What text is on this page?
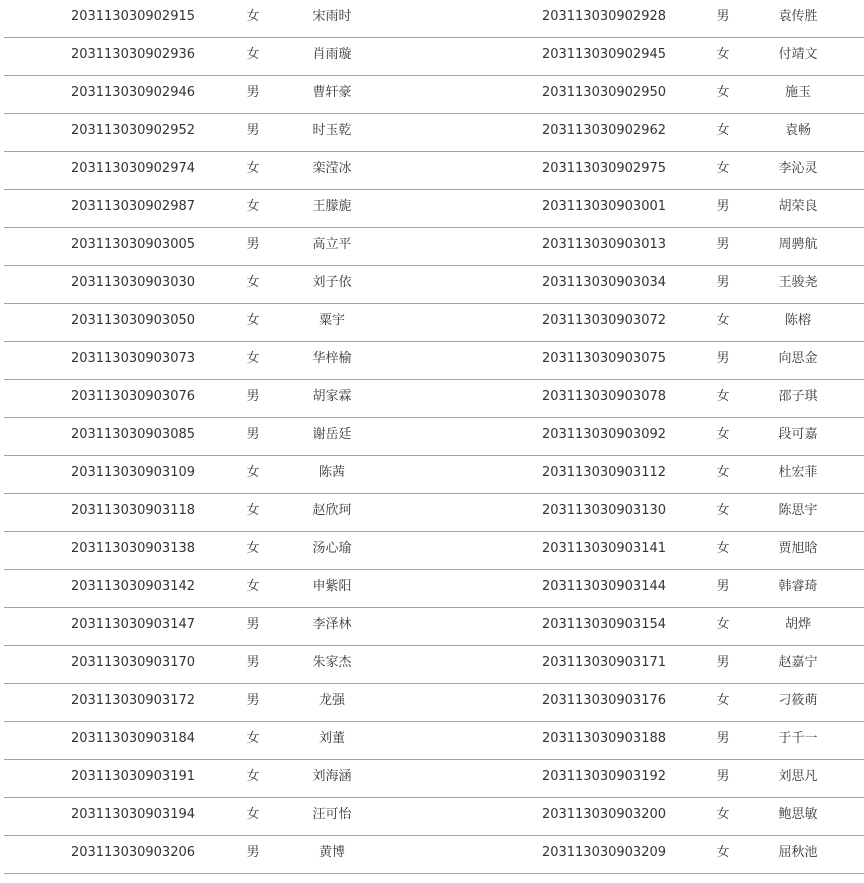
203113030902915	女	宋雨时	203113030902928	男	袁传胜
203113030902936	女	肖雨璇	203113030902945	女	付靖文
203113030902946	男	曹轩豪	203113030902950	女	施玉
203113030902952	男	时玉乾	203113030902962	女	袁畅
203113030902974	女	栾滢冰	203113030902975	女	李沁灵
203113030902987	女	王朦旎	203113030903001	男	胡荣良
203113030903005	男	高立平	203113030903013	男	周骋航
203113030903030	女	刘子依	203113030903034	男	王骏尧
203113030903050	女	粟宇	203113030903072	女	陈榕
203113030903073	女	华梓榆	203113030903075	男	向思金
203113030903076	男	胡家霖	203113030903078	女	邵子琪
203113030903085	男	谢岳廷	203113030903092	女	段可嘉
203113030903109	女	陈茜	203113030903112	女	杜宏菲
203113030903118	女	赵欣珂	203113030903130	女	陈思宇
203113030903138	女	汤心瑜	203113030903141	女	贾旭晗
203113030903142	女	申紫阳	203113030903144	男	韩睿琦
203113030903147	男	李泽林	203113030903154	女	胡烨
203113030903170	男	朱家杰	203113030903171	男	赵嘉宁
203113030903172	男	龙强	203113030903176	女	刁筱萌
203113030903184	女	刘董	203113030903188	男	于千一
203113030903191	女	刘海涵	203113030903192	男	刘思凡
203113030903194	女	汪可怡	203113030903200	女	鲍思敏
203113030903206	男	黄博	203113030903209	女	屈秋池
